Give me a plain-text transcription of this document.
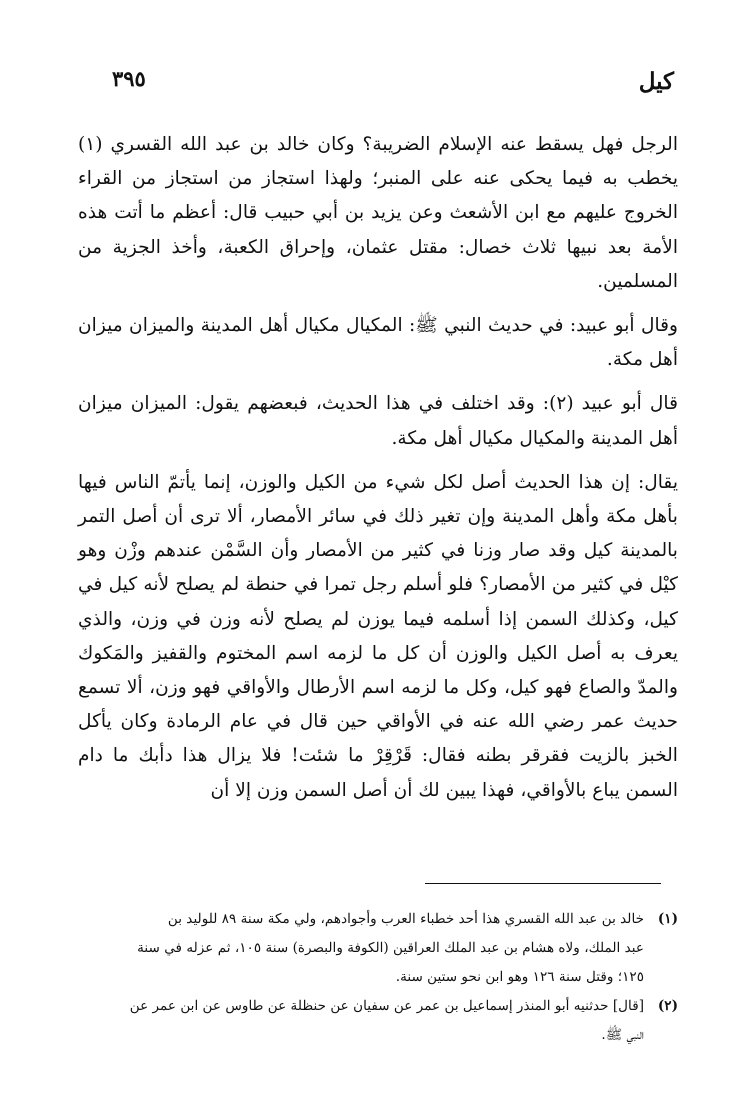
كيل
٣٩٥

الرجل فهل يسقط عنه الإسلام الضريبة؟ وكان خالد بن عبد الله القسري (١) يخطب به فيما يحكى عنه على المنبر؛ ولهذا استجاز من استجاز من القراء الخروج عليهم مع ابن الأشعث وعن يزيد بن أبي حبيب قال: أعظم ما أتت هذه الأمة بعد نبيها ثلاث خصال: مقتل عثمان، وإحراق الكعبة، وأخذ الجزية من المسلمين.

وقال أبو عبيد: في حديث النبي ﷺ: المكيال مكيال أهل المدينة والميزان ميزان أهل مكة.

قال أبو عبيد (٢): وقد اختلف في هذا الحديث، فبعضهم يقول: الميزان ميزان أهل المدينة والمكيال مكيال أهل مكة.

يقال: إن هذا الحديث أصل لكل شيء من الكيل والوزن، إنما يأتمّ الناس فيها بأهل مكة وأهل المدينة وإن تغير ذلك في سائر الأمصار، ألا ترى أن أصل التمر بالمدينة كيل وقد صار وزنا في كثير من الأمصار وأن السَّمْن عندهم وزْن وهو كيْل في كثير من الأمصار؟ فلو أسلم رجل تمرا في حنطة لم يصلح لأنه كيل في كيل، وكذلك السمن إذا أسلمه فيما يوزن لم يصلح لأنه وزن في وزن، والذي يعرف به أصل الكيل والوزن أن كل ما لزمه اسم المختوم والقفيز والمَكوك والمدّ والصاع فهو كيل، وكل ما لزمه اسم الأرطال والأواقي فهو وزن، ألا تسمع حديث عمر رضي الله عنه في الأواقي حين قال في عام الرمادة وكان يأكل الخبز بالزيت فقرقر بطنه فقال: قَرْقِرْ ما شئت! فلا يزال هذا دأبك ما دام السمن يباع بالأواقي، فهذا يبين لك أن أصل السمن وزن إلا أن

(١)
خالد بن عبد الله القسري هذا أحد خطباء العرب وأجوادهم، ولي مكة سنة ٨٩ للوليد بن
عبد الملك، ولاه هشام بن عبد الملك العراقين (الكوفة والبصرة) سنة ١٠٥، ثم عزله في سنة
١٢٥؛ وقتل سنة ١٢٦ وهو ابن نحو ستين سنة.
(٢)
[قال] حدثنيه أبو المنذر إسماعيل بن عمر عن سفيان عن حنظلة عن طاوس عن ابن عمر عن
النبي ﷺ.
